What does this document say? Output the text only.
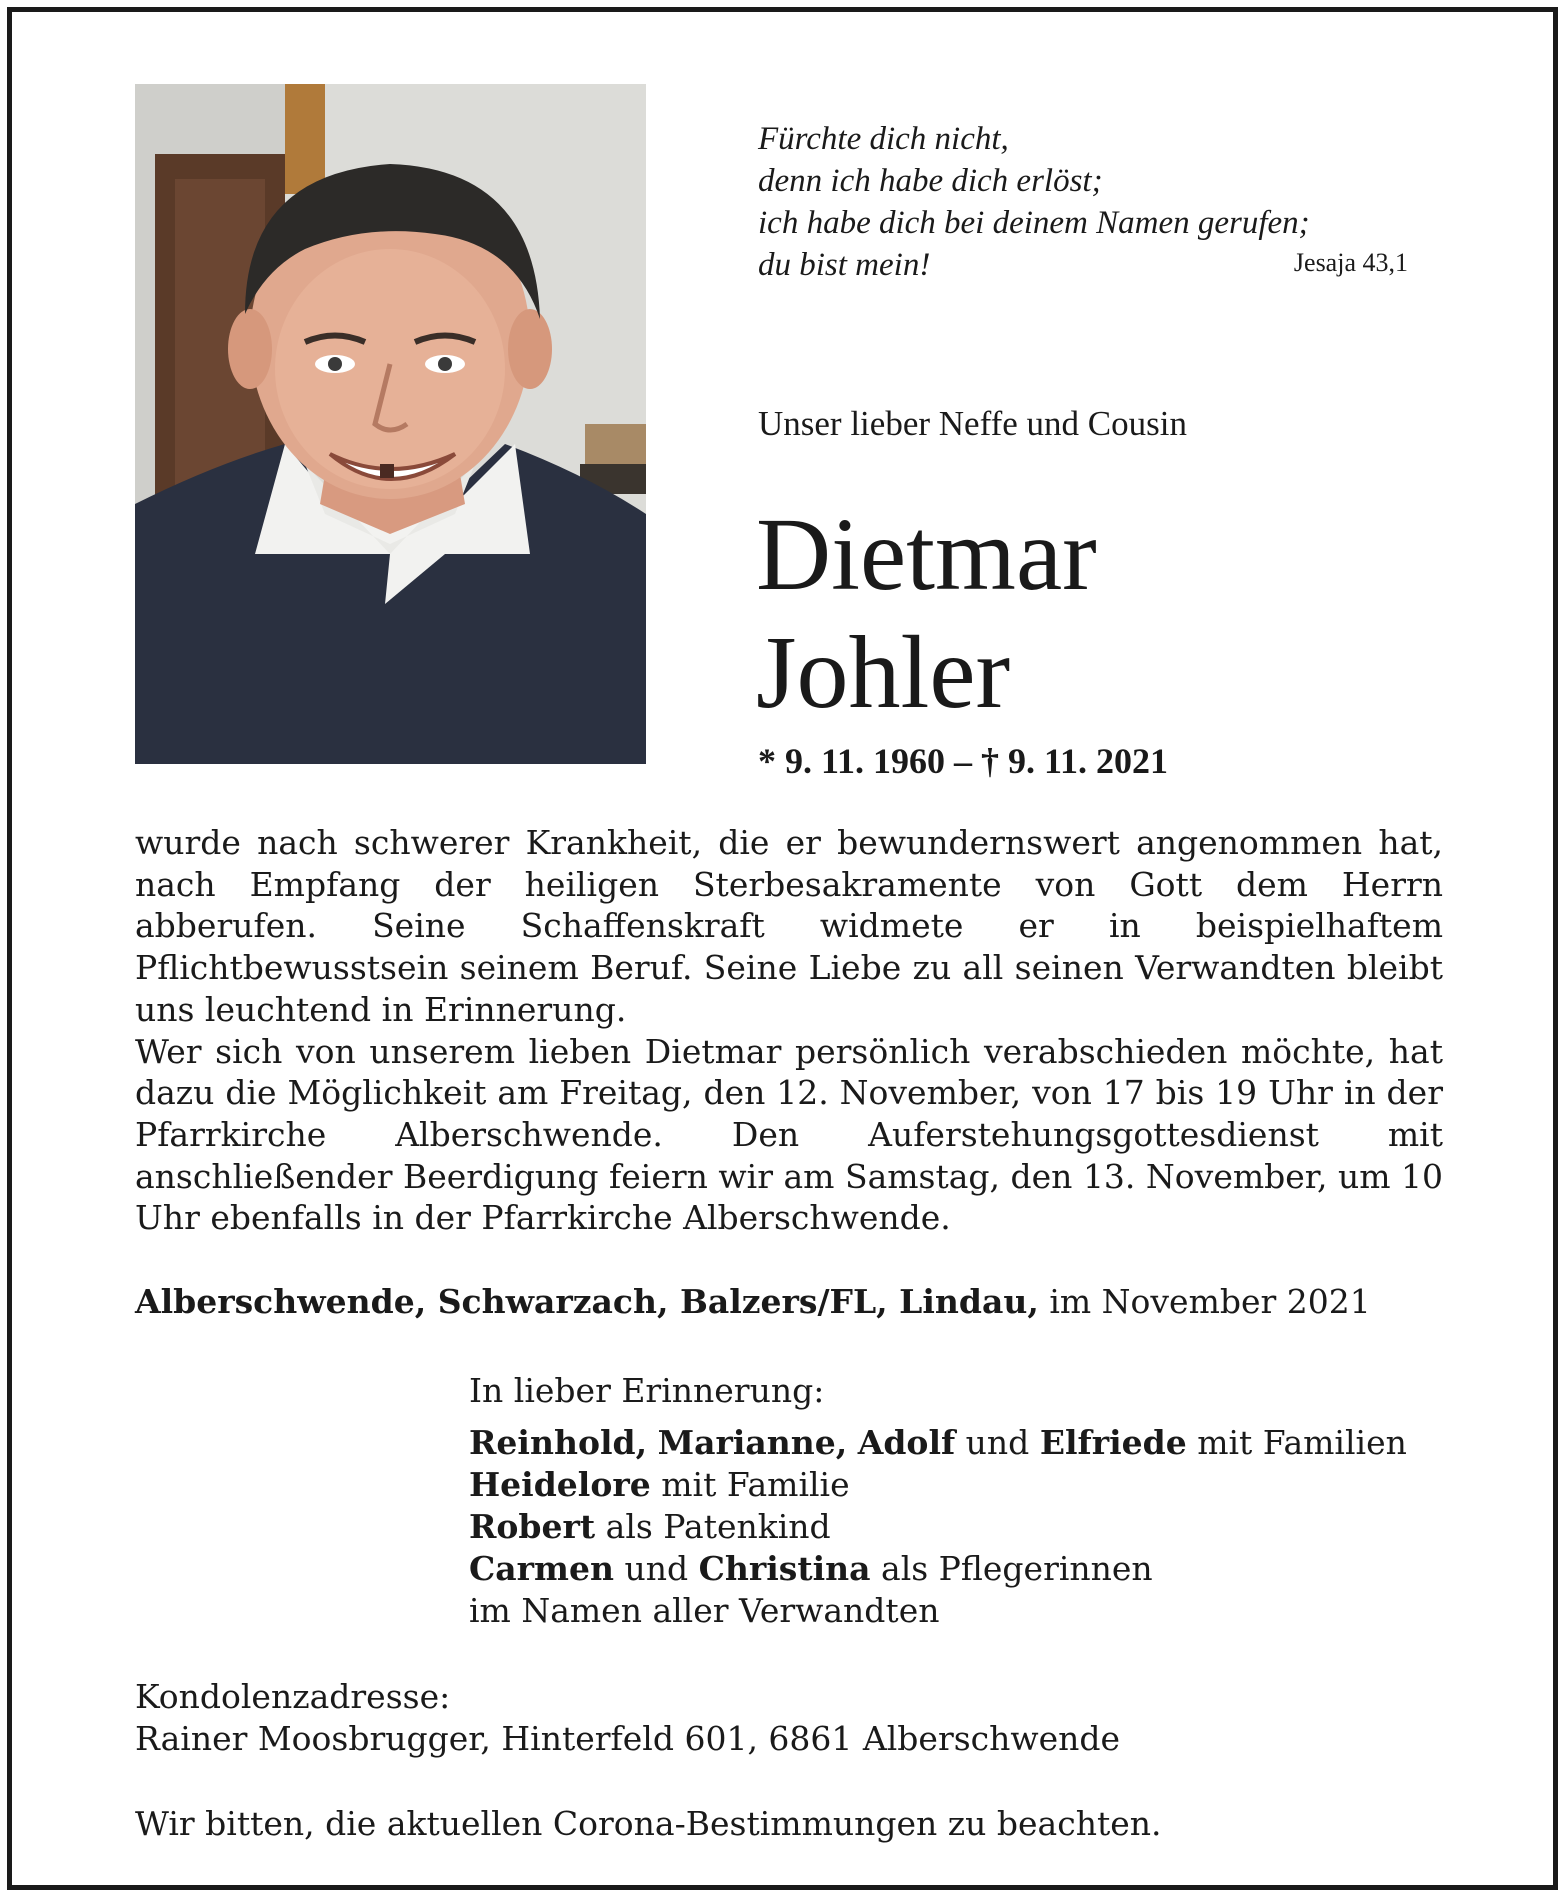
Fürchte dich nicht,
denn ich habe dich erlöst;
ich habe dich bei deinem Namen gerufen;
du bist mein!	Jesaja 43,1
Unser lieber Neffe und Cousin
Dietmar
Johler
* 9. 11. 1960 – † 9. 11. 2021

wurde nach schwerer Krankheit, die er bewundernswert angenommen hat, nach Empfang der heiligen Sterbesakramente von Gott dem Herrn abberufen. Seine Schaffenskraft widmete er in beispielhaftem Pflichtbewusstsein seinem Beruf. Seine Liebe zu all seinen Verwandten bleibt uns leuchtend in Erinnerung.

Wer sich von unserem lieben Dietmar persönlich verabschieden möchte, hat dazu die Möglichkeit am Freitag, den 12. November, von 17 bis 19 Uhr in der Pfarrkirche Alberschwende. Den Auferstehungsgottesdienst mit anschließender Beerdigung feiern wir am Samstag, den 13. November, um 10 Uhr ebenfalls in der Pfarrkirche Alberschwende.

Alberschwende, Schwarzach, Balzers/FL, Lindau, im November 2021
In lieber Erinnerung:
Reinhold, Marianne, Adolf und Elfriede mit Familien
Heidelore mit Familie
Robert als Patenkind
Carmen und Christina als Pflegerinnen
im Namen aller Verwandten
Kondolenzadresse:
Rainer Moosbrugger, Hinterfeld 601, 6861 Alberschwende
Wir bitten, die aktuellen Corona-Bestimmungen zu beachten.
